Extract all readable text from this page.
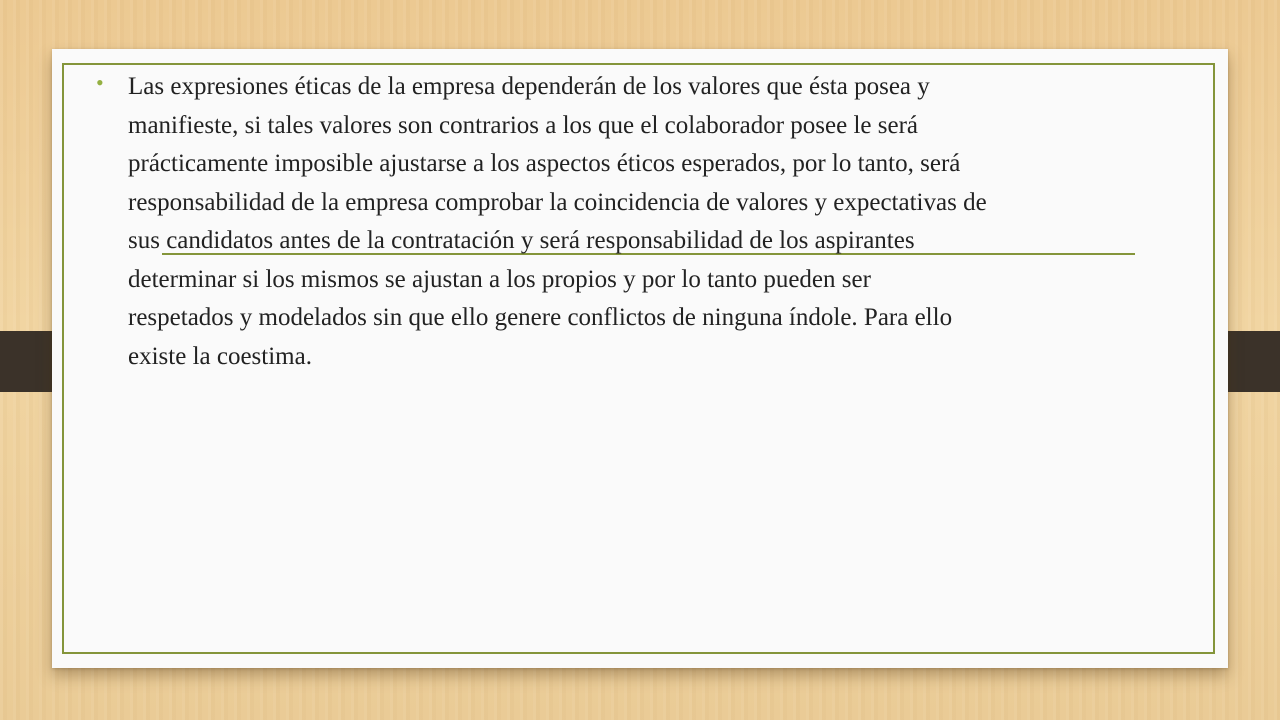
• Las expresiones éticas de la empresa dependerán de los valores que ésta posea y
manifieste, si tales valores son contrarios a los que el colaborador posee le será
prácticamente imposible ajustarse a los aspectos éticos esperados, por lo tanto, será
responsabilidad de la empresa comprobar la coincidencia de valores y expectativas de
sus candidatos antes de la contratación y será responsabilidad de los aspirantes
determinar si los mismos se ajustan a los propios y por lo tanto pueden ser
respetados y modelados sin que ello genere conflictos de ninguna índole. Para ello
existe la coestima.
